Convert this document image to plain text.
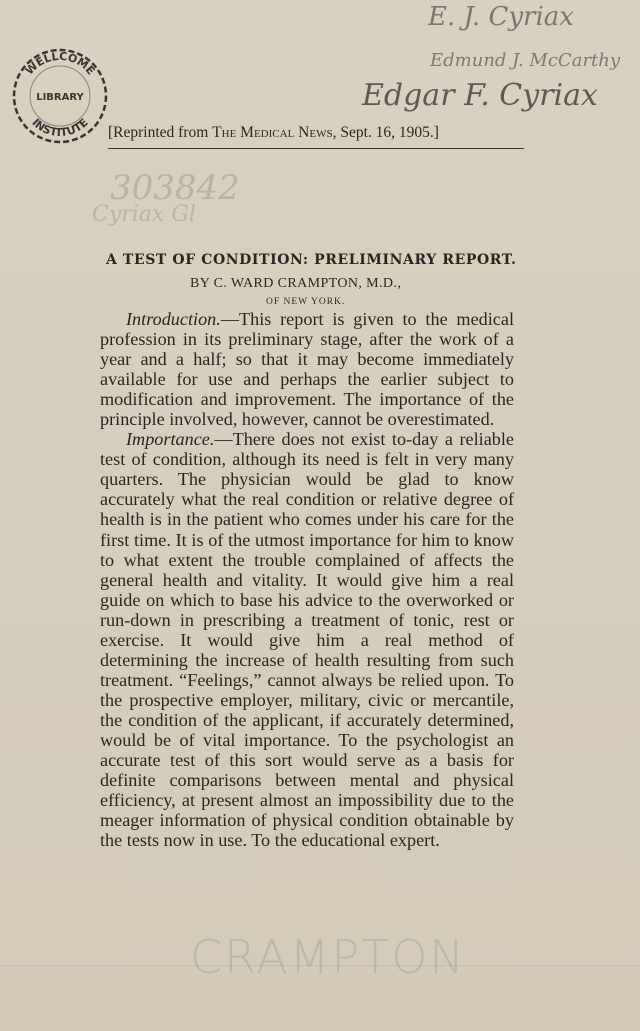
WELLCOME
LIBRARY
INSTITUTE
E. J. Cyriax
Edmund J. McCarthy
Edgar F. Cyriax
303842
Cyriax Gl
[Reprinted from The Medical News, Sept. 16, 1905.]
A TEST OF CONDITION: PRELIMINARY REPORT.
BY C. WARD CRAMPTON, M.D.,
OF NEW YORK.

Introduction.—This report is given to the medical profession in its preliminary stage, after the work of a year and a half; so that it may become immediately available for use and perhaps the earlier subject to modification and improvement. The importance of the principle involved, however, cannot be overestimated.

Importance.—There does not exist to-day a reliable test of condition, although its need is felt in very many quarters. The physician would be glad to know accurately what the real condition or relative degree of health is in the patient who comes under his care for the first time. It is of the utmost importance for him to know to what extent the trouble complained of affects the general health and vitality. It would give him a real guide on which to base his advice to the overworked or run-down in prescribing a treatment of tonic, rest or exercise. It would give him a real method of determining the increase of health resulting from such treatment. “Feelings,” cannot always be relied upon. To the prospective employer, military, civic or mercantile, the condition of the applicant, if accurately determined, would be of vital importance. To the psychologist an accurate test of this sort would serve as a basis for definite comparisons between mental and physical efficiency, at present almost an impossibility due to the meager information of physical condition obtainable by the tests now in use. To the educational expert.

CRAMPTON
